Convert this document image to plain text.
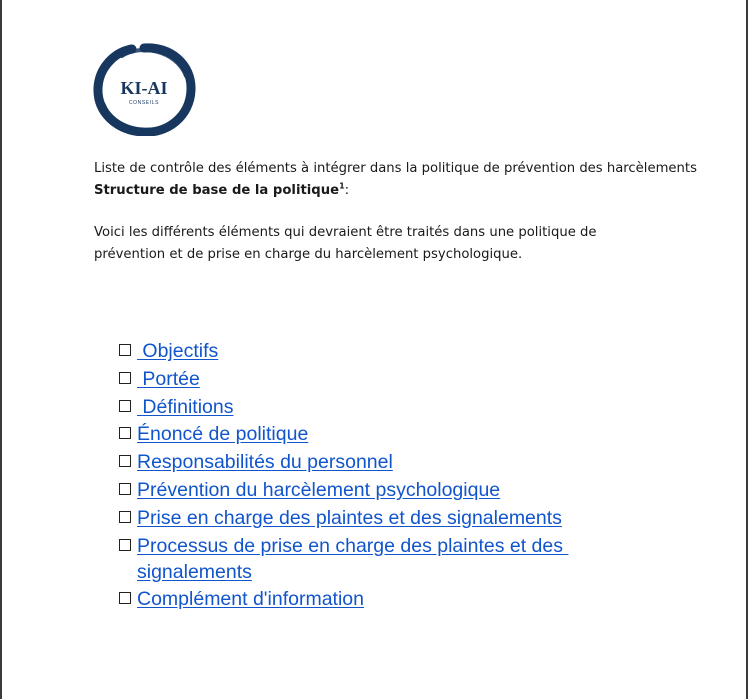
KI-AI
CONSEILS
Liste de contrôle des éléments à intégrer dans la politique de prévention des harcèlements
Structure de base de la politique$^1$:
Voici les différents éléments qui devraient être traités dans une politique de prévention et de prise en charge du harcèlement psychologique.
Objectifs
Portée
Définitions
Énoncé de politique
Responsabilités du personnel
Prévention du harcèlement psychologique
Prise en charge des plaintes et des signalements
Processus de prise en charge des plaintes et des signalements
Complément d'information
